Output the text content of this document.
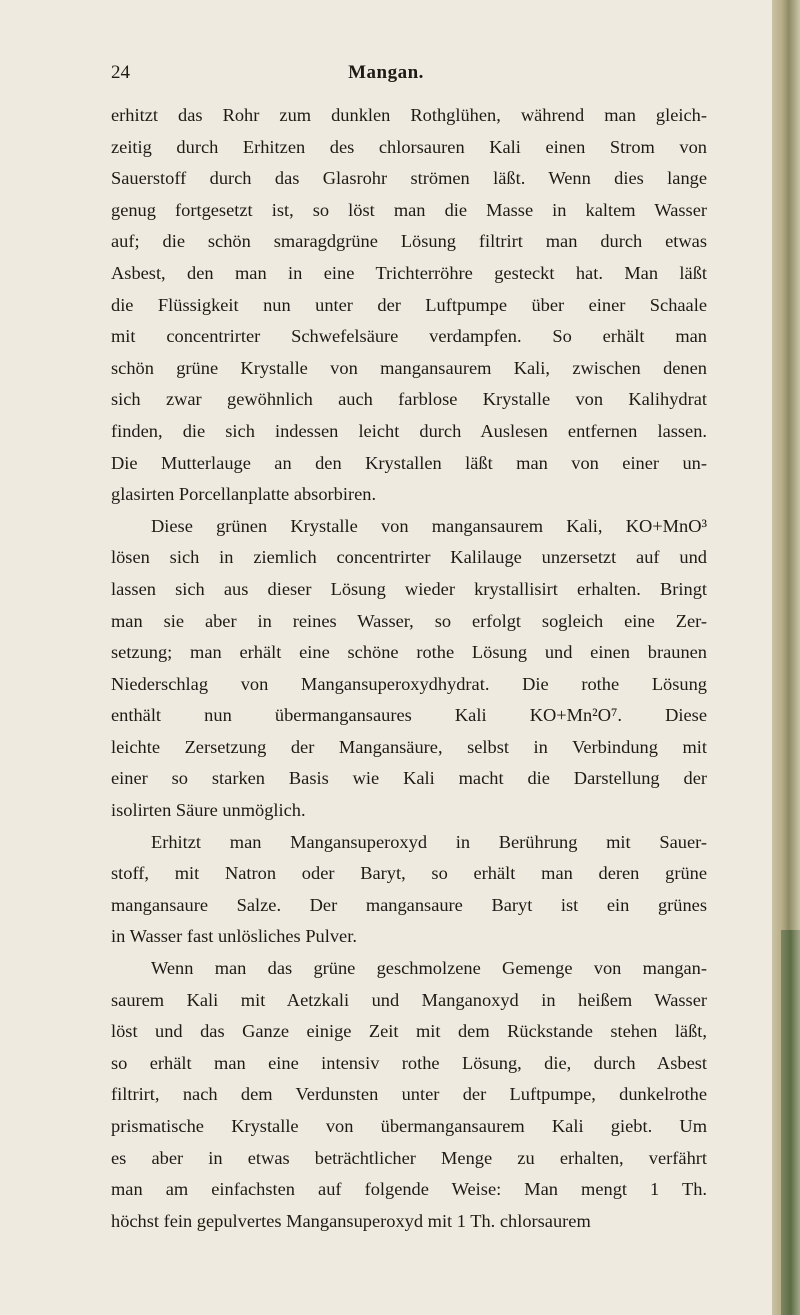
24	Mangan.

erhitzt das Rohr zum dunklen Rothglühen, während man gleich-
zeitig durch Erhitzen des chlorsauren Kali einen Strom von
Sauerstoff durch das Glasrohr strömen läßt. Wenn dies lange
genug fortgesetzt ist, so löst man die Masse in kaltem Wasser
auf; die schön smaragdgrüne Lösung filtrirt man durch etwas
Asbest, den man in eine Trichterröhre gesteckt hat. Man läßt
die Flüssigkeit nun unter der Luftpumpe über einer Schaale
mit concentrirter Schwefelsäure verdampfen. So erhält man
schön grüne Krystalle von mangansaurem Kali, zwischen denen
sich zwar gewöhnlich auch farblose Krystalle von Kalihydrat
finden, die sich indessen leicht durch Auslesen entfernen lassen.
Die Mutterlauge an den Krystallen läßt man von einer un-
glasirten Porcellanplatte absorbiren.

Diese grünen Krystalle von mangansaurem Kali, KO+MnO³
lösen sich in ziemlich concentrirter Kalilauge unzersetzt auf und
lassen sich aus dieser Lösung wieder krystallisirt erhalten. Bringt
man sie aber in reines Wasser, so erfolgt sogleich eine Zer-
setzung; man erhält eine schöne rothe Lösung und einen braunen
Niederschlag von Mangansuperoxydhydrat. Die rothe Lösung
enthält nun übermangansaures Kali KO+Mn²O⁷. Diese
leichte Zersetzung der Mangansäure, selbst in Verbindung mit
einer so starken Basis wie Kali macht die Darstellung der
isolirten Säure unmöglich.

Erhitzt man Mangansuperoxyd in Berührung mit Sauer-
stoff, mit Natron oder Baryt, so erhält man deren grüne
mangansaure Salze. Der mangansaure Baryt ist ein grünes
in Wasser fast unlösliches Pulver.

Wenn man das grüne geschmolzene Gemenge von mangan-
saurem Kali mit Aetzkali und Manganoxyd in heißem Wasser
löst und das Ganze einige Zeit mit dem Rückstande stehen läßt,
so erhält man eine intensiv rothe Lösung, die, durch Asbest
filtrirt, nach dem Verdunsten unter der Luftpumpe, dunkelrothe
prismatische Krystalle von übermangansaurem Kali giebt. Um
es aber in etwas beträchtlicher Menge zu erhalten, verfährt
man am einfachsten auf folgende Weise: Man mengt 1 Th.
höchst fein gepulvertes Mangansuperoxyd mit 1 Th. chlorsaurem
